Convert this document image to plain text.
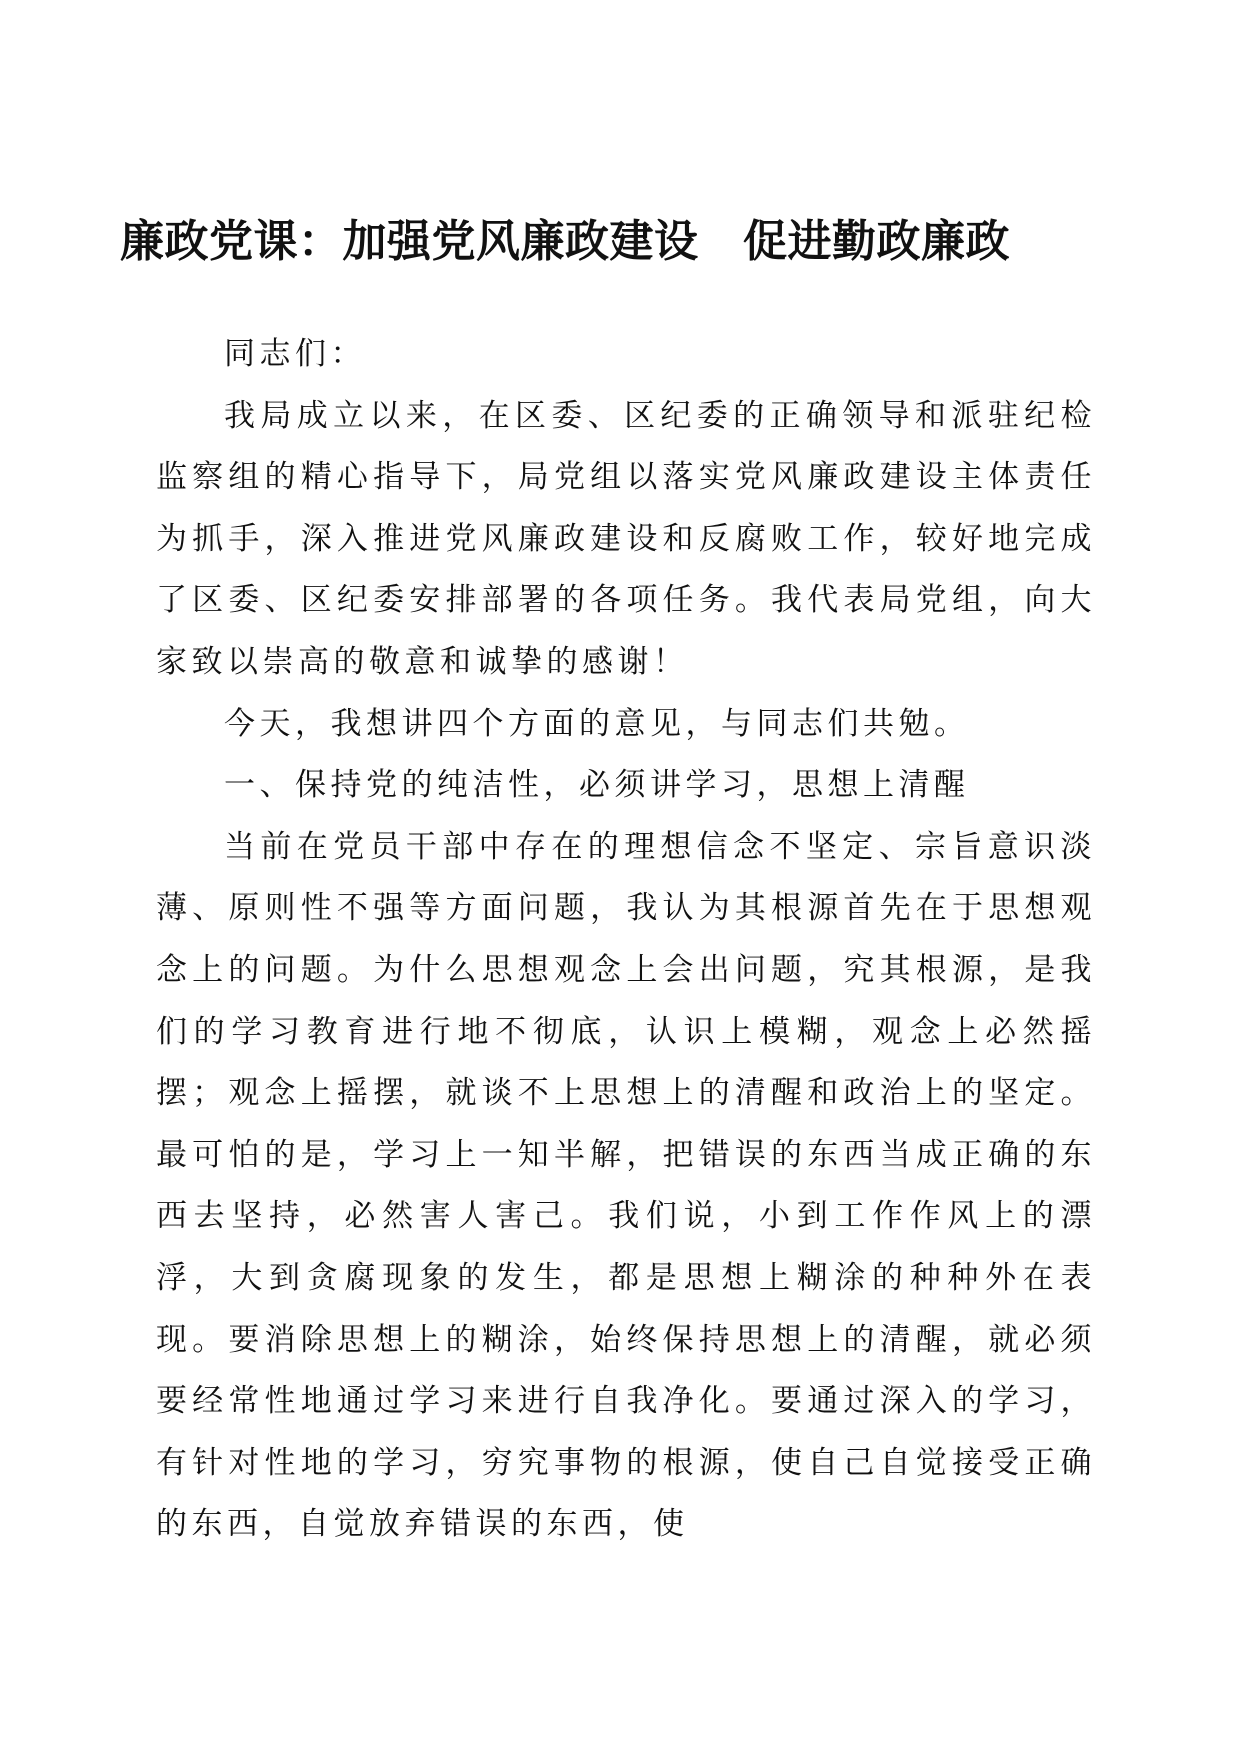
廉政党课：加强党风廉政建设　促进勤政廉政

同志们：

我局成立以来，在区委、区纪委的正确领导和派驻纪检监察组的精心指导下，局党组以落实党风廉政建设主体责任为抓手，深入推进党风廉政建设和反腐败工作，较好地完成了区委、区纪委安排部署的各项任务。我代表局党组，向大家致以崇高的敬意和诚挚的感谢！

今天，我想讲四个方面的意见，与同志们共勉。

一、保持党的纯洁性，必须讲学习，思想上清醒

当前在党员干部中存在的理想信念不坚定、宗旨意识淡薄、原则性不强等方面问题，我认为其根源首先在于思想观念上的问题。为什么思想观念上会出问题，究其根源，是我们的学习教育进行地不彻底，认识上模糊，观念上必然摇摆；观念上摇摆，就谈不上思想上的清醒和政治上的坚定。最可怕的是，学习上一知半解，把错误的东西当成正确的东西去坚持，必然害人害己。我们说，小到工作作风上的漂浮，大到贪腐现象的发生，都是思想上糊涂的种种外在表现。要消除思想上的糊涂，始终保持思想上的清醒，就必须要经常性地通过学习来进行自我净化。要通过深入的学习，有针对性地的学习，穷究事物的根源，使自己自觉接受正确的东西，自觉放弃错误的东西，使
